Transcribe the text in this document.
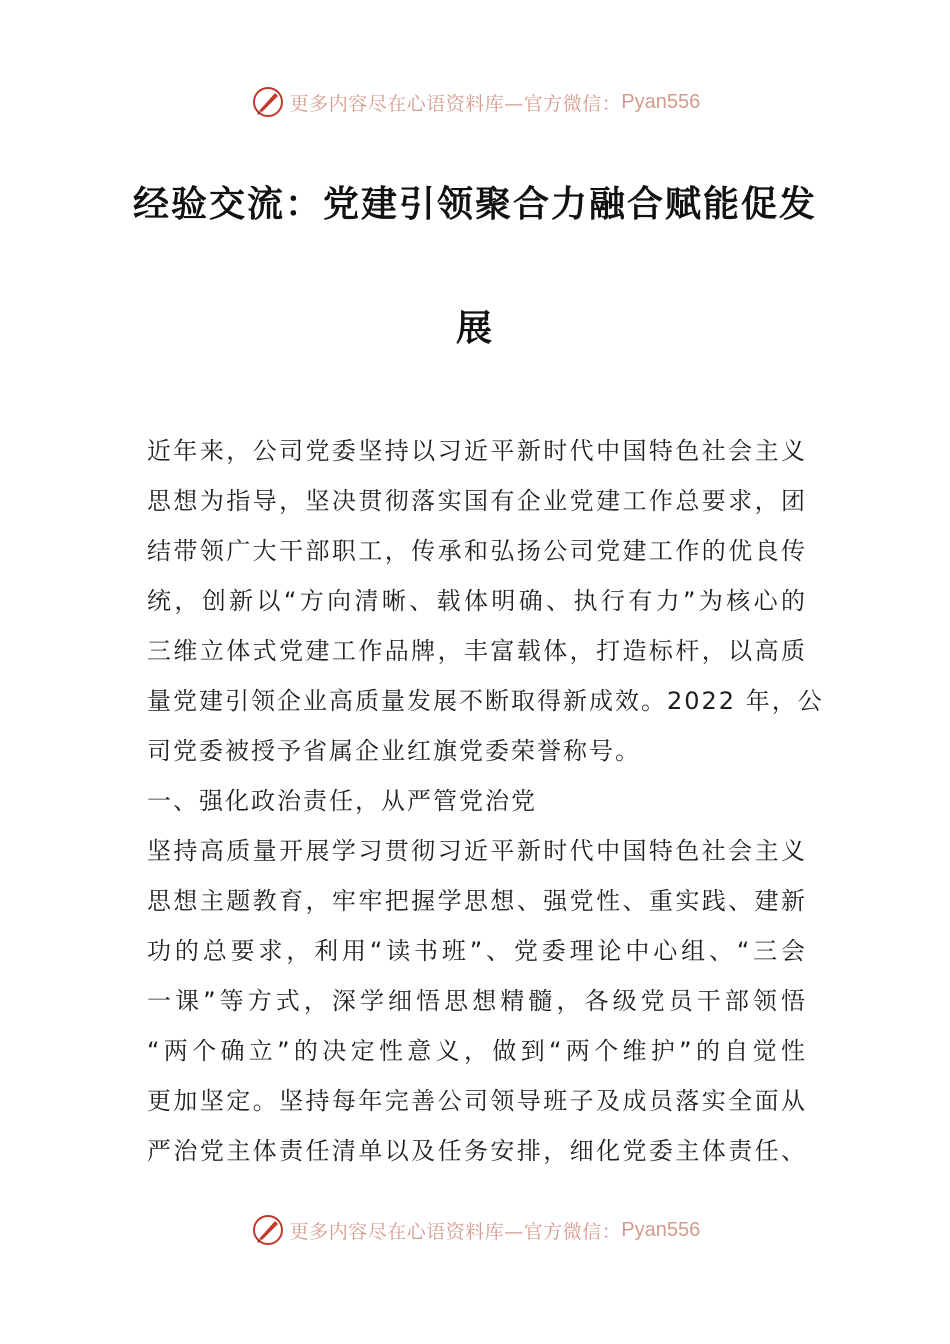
更多内容尽在心语资料库—官方微信： Pyan556
经验交流：党建引领聚合力融合赋能促发
展
近年来，公司党委坚持以习近平新时代中国特色社会主义
思想为指导，坚决贯彻落实国有企业党建工作总要求，团
结带领广大干部职工，传承和弘扬公司党建工作的优良传
统，创新以“方向清晰、载体明确、执行有力”为核心的
三维立体式党建工作品牌，丰富载体，打造标杆，以高质
量党建引领企业高质量发展不断取得新成效。2022 年，公
司党委被授予省属企业红旗党委荣誉称号。
一、强化政治责任，从严管党治党
坚持高质量开展学习贯彻习近平新时代中国特色社会主义
思想主题教育，牢牢把握学思想、强党性、重实践、建新
功的总要求，利用“读书班”、党委理论中心组、“三会
一课”等方式，深学细悟思想精髓，各级党员干部领悟
“两个确立”的决定性意义，做到“两个维护”的自觉性
更加坚定。坚持每年完善公司领导班子及成员落实全面从
严治党主体责任清单以及任务安排，细化党委主体责任、
更多内容尽在心语资料库—官方微信： Pyan556
